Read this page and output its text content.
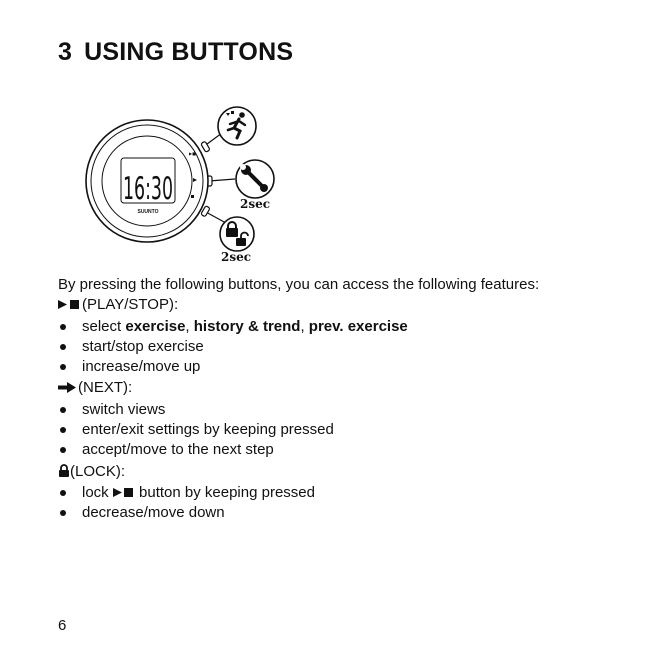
3 USING BUTTONS
16:30
SUUNTO
▶■
2sec
2sec

By pressing the following buttons, you can access the following features:

(PLAY/STOP):

select exercise, history & trend, prev. exercise
start/stop exercise
increase/move up

(NEXT):

switch views
enter/exit settings by keeping pressed
accept/move to the next step

(LOCK):

lock  button by keeping pressed
decrease/move down
6
